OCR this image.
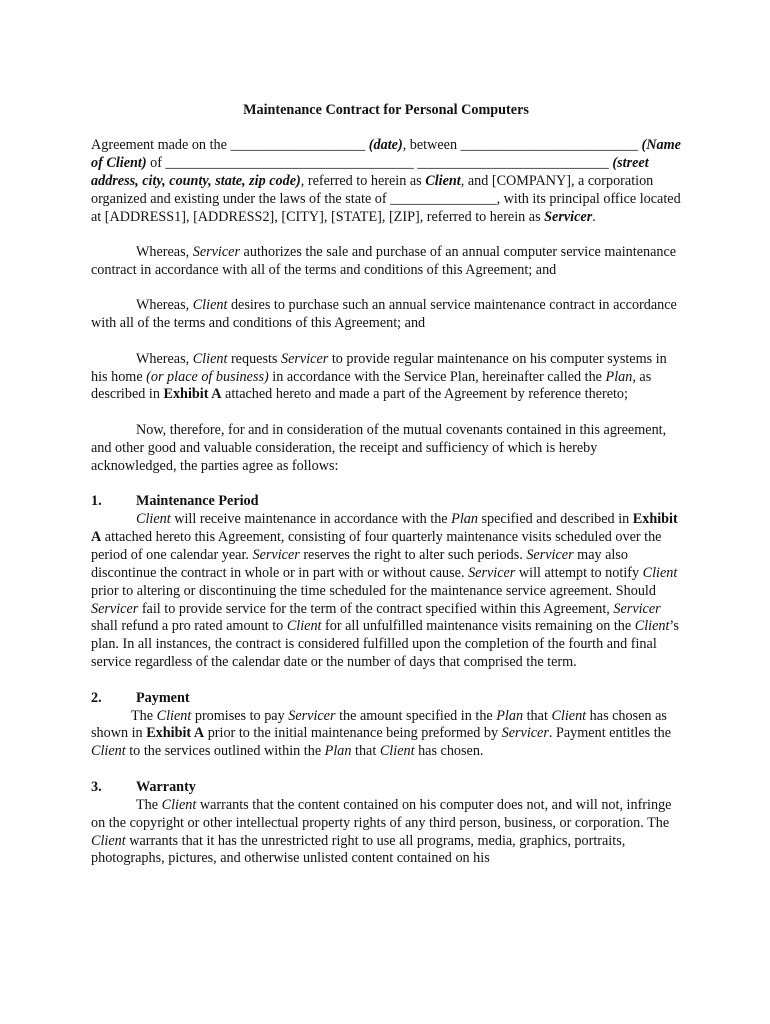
Maintenance Contract for Personal Computers

Agreement made on the ___________________ (date), between _________________________ (Name of Client) of ___________________________________ ___________________________ (street address, city, county, state, zip code), referred to herein as Client, and [COMPANY], a corporation organized and existing under the laws of the state of _______________, with its principal office located at [ADDRESS1], [ADDRESS2], [CITY], [STATE], [ZIP], referred to herein as Servicer.

Whereas, Servicer authorizes the sale and purchase of an annual computer service maintenance contract in accordance with all of the terms and conditions of this Agreement; and

Whereas, Client desires to purchase such an annual service maintenance contract in accordance with all of the terms and conditions of this Agreement; and

Whereas, Client requests Servicer to provide regular maintenance on his computer systems in his home (or place of business) in accordance with the Service Plan, hereinafter called the Plan, as described in Exhibit A attached hereto and made a part of the Agreement by reference thereto;

Now, therefore, for and in consideration of the mutual covenants contained in this agreement, and other good and valuable consideration, the receipt and sufficiency of which is hereby acknowledged, the parties agree as follows:

1.	Maintenance Period

Client will receive maintenance in accordance with the Plan specified and described in Exhibit A attached hereto this Agreement, consisting of four quarterly maintenance visits scheduled over the period of one calendar year. Servicer reserves the right to alter such periods. Servicer may also discontinue the contract in whole or in part with or without cause. Servicer will attempt to notify Client prior to altering or discontinuing the time scheduled for the maintenance service agreement. Should Servicer fail to provide service for the term of the contract specified within this Agreement, Servicer shall refund a pro rated amount to Client for all unfulfilled maintenance visits remaining on the Client’s plan. In all instances, the contract is considered fulfilled upon the completion of the fourth and final service regardless of the calendar date or the number of days that comprised the term.

2.	Payment

The Client promises to pay Servicer the amount specified in the Plan that Client has chosen as shown in Exhibit A prior to the initial maintenance being preformed by Servicer. Payment entitles the Client to the services outlined within the Plan that Client has chosen.

3.	Warranty

The Client warrants that the content contained on his computer does not, and will not, infringe on the copyright or other intellectual property rights of any third person, business, or corporation. The Client warrants that it has the unrestricted right to use all programs, media, graphics, portraits, photographs, pictures, and otherwise unlisted content contained on his
